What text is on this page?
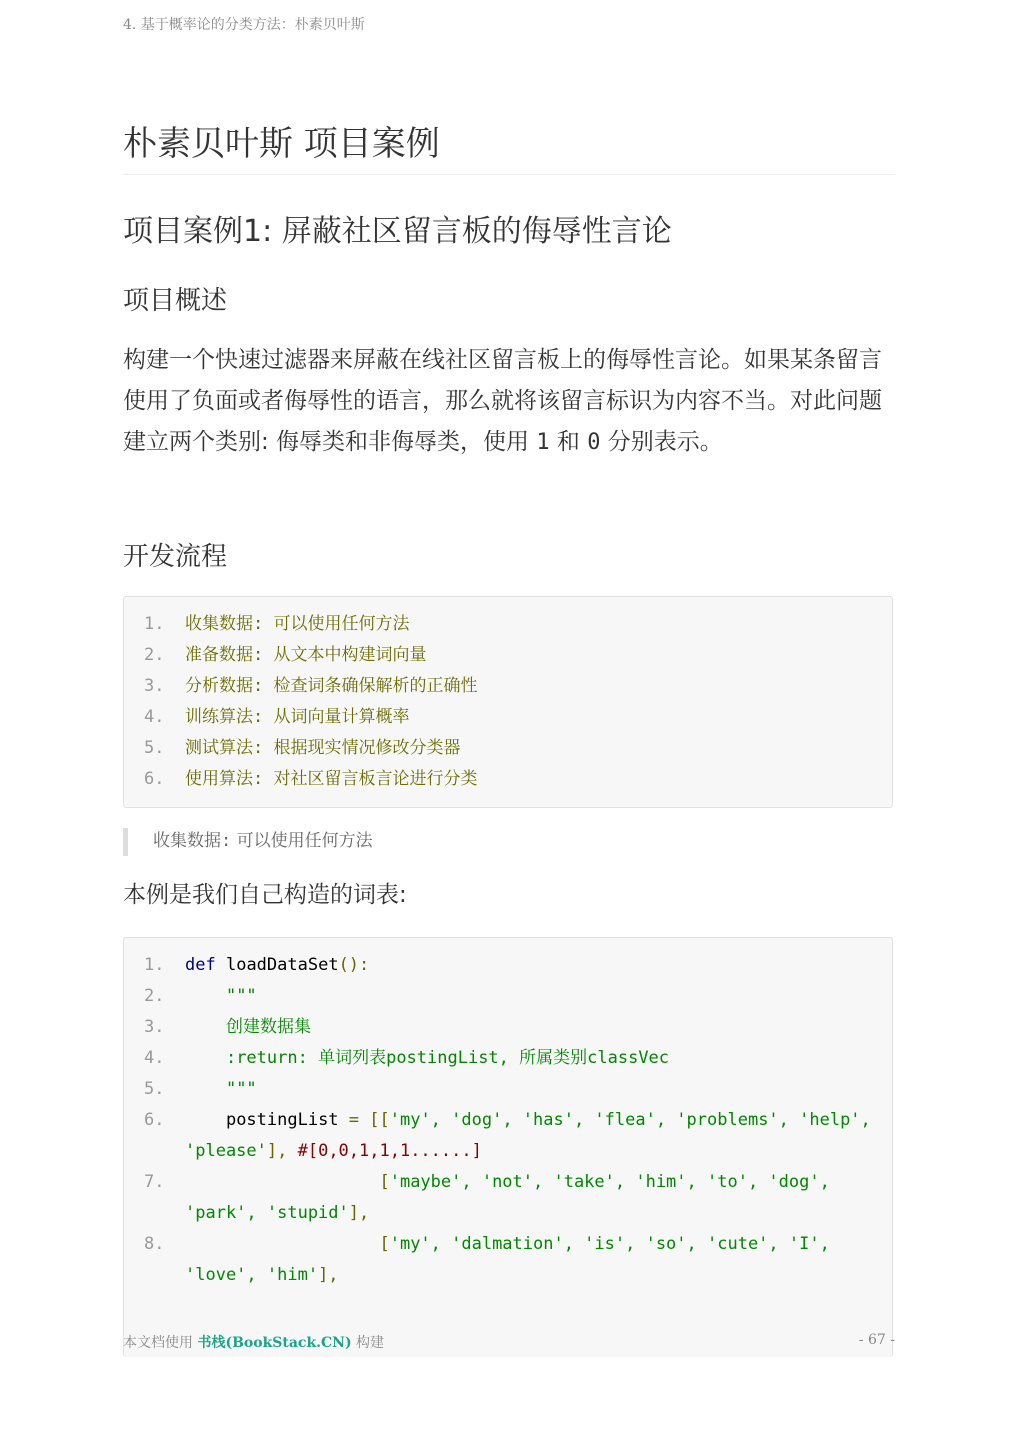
4. 基于概率论的分类方法：朴素贝叶斯
朴素贝叶斯 项目案例
项目案例1: 屏蔽社区留言板的侮辱性言论
项目概述

构建一个快速过滤器来屏蔽在线社区留言板上的侮辱性言论。如果某条留言使用了负面或者侮辱性的语言，那么就将该留言标识为内容不当。对此问题建立两个类别: 侮辱类和非侮辱类，使用 1 和 0 分别表示。

开发流程
1.	收集数据: 可以使用任何方法
2.	准备数据: 从文本中构建词向量
3.	分析数据: 检查词条确保解析的正确性
4.	训练算法: 从词向量计算概率
5.	测试算法: 根据现实情况修改分类器
6.	使用算法: 对社区留言板言论进行分类
收集数据: 可以使用任何方法

本例是我们自己构造的词表:

1.	def loadDataSet():
2.	"""
3.	创建数据集
4.	:return: 单词列表postingList, 所属类别classVec
5.	"""
6.	postingList = [['my', 'dog', 'has', 'flea', 'problems', 'help', 'please'], #[0,0,1,1,1......]
7.	['maybe', 'not', 'take', 'him', 'to', 'dog', 'park', 'stupid'],
8.	['my', 'dalmation', 'is', 'so', 'cute', 'I', 'love', 'him'],
本文档使用 书栈(BookStack.CN) 构建	- 67 -
